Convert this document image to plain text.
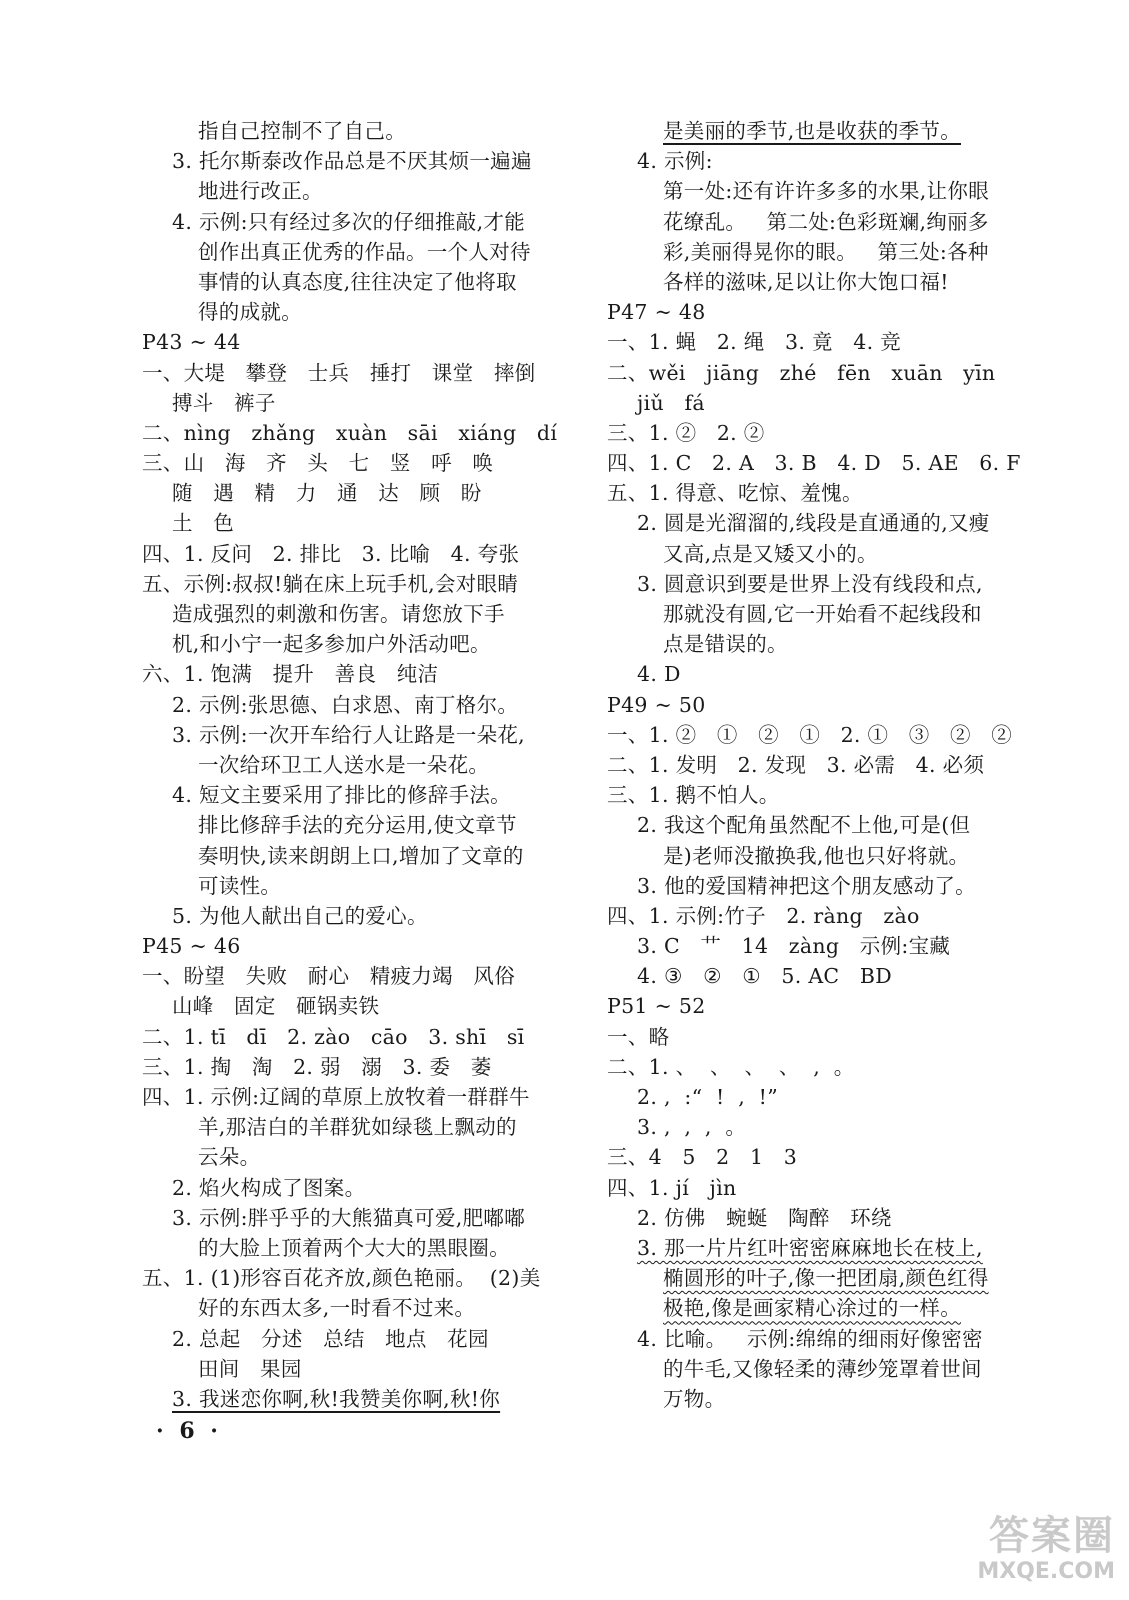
指自己控制不了自己。
3. 托尔斯泰改作品总是不厌其烦一遍遍
地进行改正。
4. 示例:只有经过多次的仔细推敲,才能
创作出真正优秀的作品。一个人对待
事情的认真态度,往往决定了他将取
得的成就。
P43 ~ 44
一、大堤   攀登   士兵   捶打   课堂   摔倒
搏斗   裤子
二、nìng   zhǎng   xuàn   sāi   xiáng   dí
三、山   海   齐   头   七   竖   呼   唤
随   遇   精   力   通   达   顾   盼
土   色
四、1. 反问   2. 排比   3. 比喻   4. 夸张
五、示例:叔叔!躺在床上玩手机,会对眼睛
造成强烈的刺激和伤害。请您放下手
机,和小宁一起多参加户外活动吧。
六、1. 饱满   提升   善良   纯洁
2. 示例:张思德、白求恩、南丁格尔。
3. 示例:一次开车给行人让路是一朵花,
一次给环卫工人送水是一朵花。
4. 短文主要采用了排比的修辞手法。
排比修辞手法的充分运用,使文章节
奏明快,读来朗朗上口,增加了文章的
可读性。
5. 为他人献出自己的爱心。
P45 ~ 46
一、盼望   失败   耐心   精疲力竭   风俗
山峰   固定   砸锅卖铁
二、1. tī   dī   2. zào   cāo   3. shī   sī
三、1. 掏   淘   2. 弱   溺   3. 委   萎
四、1. 示例:辽阔的草原上放牧着一群群牛
羊,那洁白的羊群犹如绿毯上飘动的
云朵。
2. 焰火构成了图案。
3. 示例:胖乎乎的大熊猫真可爱,肥嘟嘟
的大脸上顶着两个大大的黑眼圈。
五、1. (1)形容百花齐放,颜色艳丽。  (2)美
好的东西太多,一时看不过来。
2. 总起   分述   总结   地点   花园
田间   果园
3. 我迷恋你啊,秋!我赞美你啊,秋!你
是美丽的季节,也是收获的季节。
4. 示例:
第一处:还有许许多多的水果,让你眼
花缭乱。   第二处:色彩斑斓,绚丽多
彩,美丽得晃你的眼。   第三处:各种
各样的滋味,足以让你大饱口福!
P47 ~ 48
一、1. 蝇   2. 绳   3. 竟   4. 竞
二、wěi   jiāng   zhé   fēn   xuān   yīn
jiǔ   fá
三、1. ②   2. ②
四、1. C   2. A   3. B   4. D   5. AE   6. F
五、1. 得意、吃惊、羞愧。
2. 圆是光溜溜的,线段是直通通的,又瘦
又高,点是又矮又小的。
3. 圆意识到要是世界上没有线段和点,
那就没有圆,它一开始看不起线段和
点是错误的。
4. D
P49 ~ 50
一、1. ②   ①   ②   ①   2. ①   ③   ②   ②
二、1. 发明   2. 发现   3. 必需   4. 必须
三、1. 鹅不怕人。
2. 我这个配角虽然配不上他,可是(但
是)老师没撤换我,他也只好将就。
3. 他的爱国精神把这个朋友感动了。
四、1. 示例:竹子   2. ràng   zào
3. C   艹   14   zàng   示例:宝藏
4. ③   ②   ①   5. AC   BD
P51 ~ 52
一、略
二、1. 、  、  、  、  ,  。
2. ,  :“  !  ,  !”
3. ,  ,  ,  。
三、4   5   2   1   3
四、1. jí   jìn
2. 仿佛   蜿蜒   陶醉   环绕
3. 那一片片红叶密密麻麻地长在枝上,
椭圆形的叶子,像一把团扇,颜色红得
极艳,像是画家精心涂过的一样。
4. 比喻。   示例:绵绵的细雨好像密密
的牛毛,又像轻柔的薄纱笼罩着世间
万物。
· 6 ·
答案圈
MXQE.COM
